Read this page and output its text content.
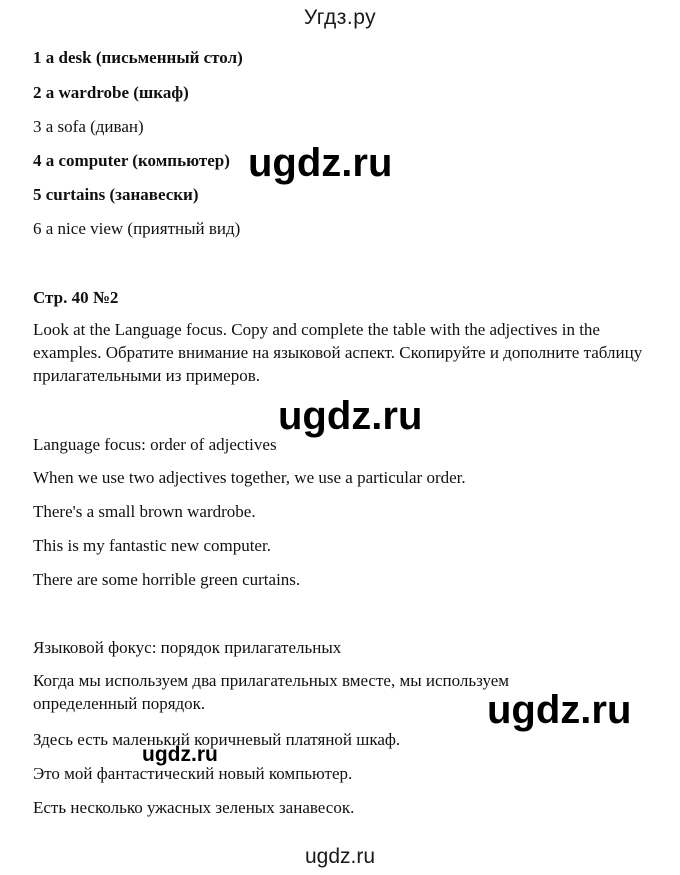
Угдз.ру
1 a desk (письменный стол)
2 a wardrobe (шкаф)
3 a sofa (диван)
4 a computer (компьютер)
5 curtains (занавески)
6 a nice view (приятный вид)
Стр. 40 №2
Look at the Language focus. Copy and complete the table with the adjectives in the examples. Обратите внимание на языковой аспект. Скопируйте и дополните таблицу прилагательными из примеров.
Language focus: order of adjectives
When we use two adjectives together, we use a particular order.
There's a small brown wardrobe.
This is my fantastic new computer.
There are some horrible green curtains.
Языковой фокус: порядок прилагательных
Когда мы используем два прилагательных вместе, мы используем определенный порядок.
Здесь есть маленький коричневый платяной шкаф.
Это мой фантастический новый компьютер.
Есть несколько ужасных зеленых занавесок.
ugdz.ru
ugdz.ru
ugdz.ru
ugdz.ru
ugdz.ru
